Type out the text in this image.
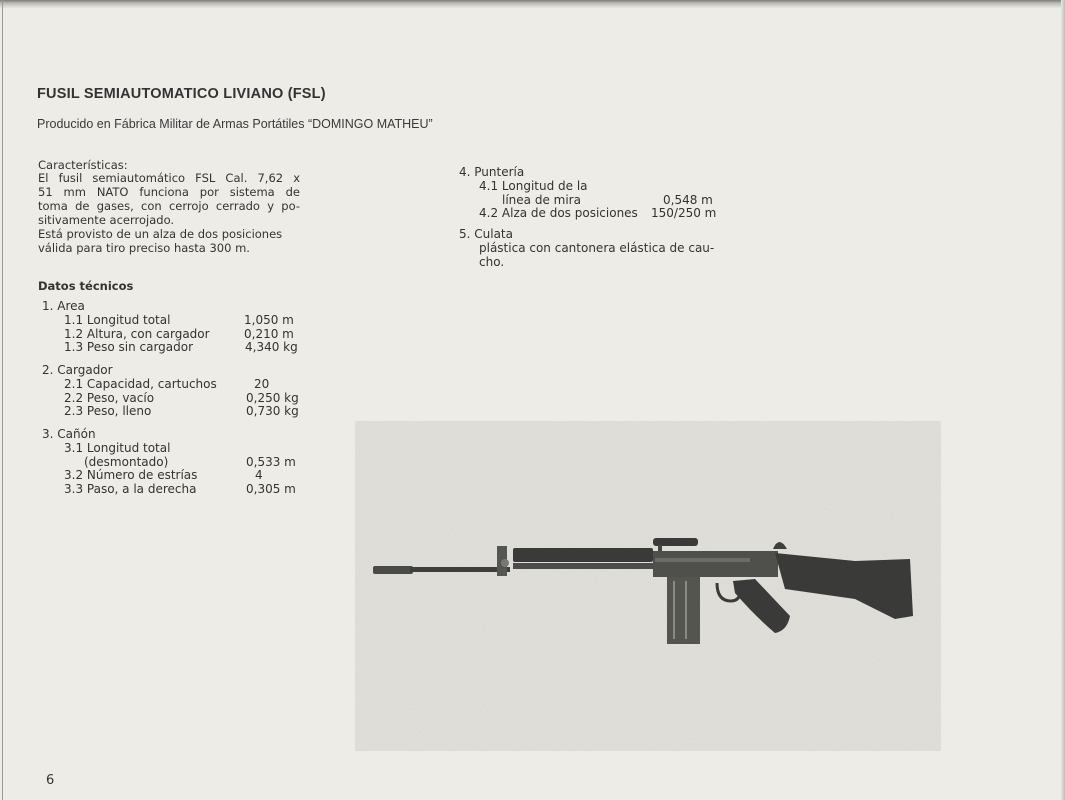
FUSIL SEMIAUTOMATICO LIVIANO (FSL)
Producido en Fábrica Militar de Armas Portátiles “DOMINGO MATHEU”
Características:

El fusil semiautomático FSL Cal. 7,62 x

51 mm NATO funciona por sistema de

toma de gases, con cerrojo cerrado y po-

sitivamente acerrojado.

Está provisto de un alza de dos posiciones

válida para tiro preciso hasta 300 m.

Datos técnicos
1. Area
1.1 Longitud total	1,050 m
1.2 Altura, con cargador	0,210 m
1.3 Peso sin cargador	4,340 kg
2. Cargador
2.1 Capacidad, cartuchos	20
2.2 Peso, vacío	0,250 kg
2.3 Peso, lleno	0,730 kg
3. Cañón
3.1 Longitud total
(desmontado)	0,533 m
3.2 Número de estrías	4
3.3 Paso, a la derecha	0,305 m
4. Puntería
4.1 Longitud de la
línea de mira	0,548 m
4.2 Alza de dos posiciones 150/250 m
5. Culata
plástica con cantonera elástica de cau-
cho.
6
